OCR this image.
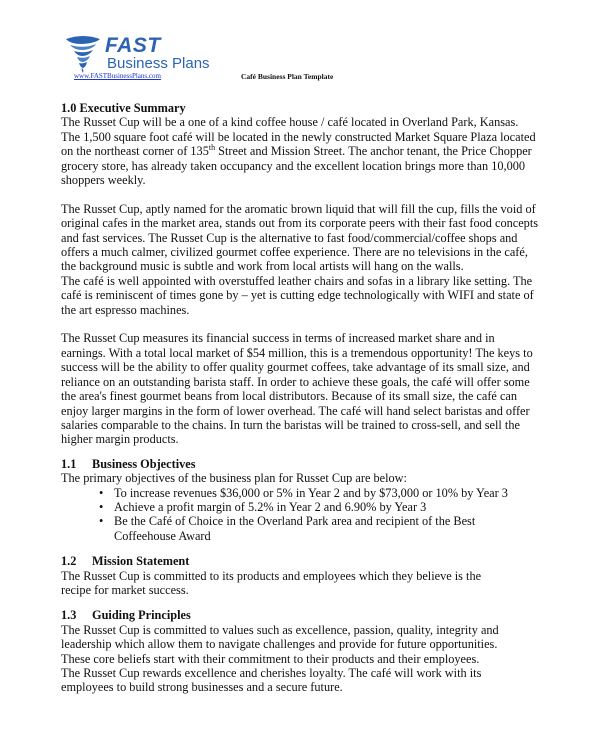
FAST
Business Plans
www.FASTBusinessPlans.com	Café Business Plan Template

1.0 Executive Summary

The Russet Cup will be a one of a kind coffee house / café located in Overland Park, Kansas.

The 1,500 square foot café will be located in the newly constructed Market Square Plaza located

on the northeast corner of 135th Street and Mission Street. The anchor tenant, the Price Chopper

grocery store, has already taken occupancy and the excellent location brings more than 10,000

shoppers weekly.

The Russet Cup, aptly named for the aromatic brown liquid that will fill the cup, fills the void of

original cafes in the market area, stands out from its corporate peers with their fast food concepts

and fast services. The Russet Cup is the alternative to fast food/commercial/coffee shops and

offers a much calmer, civilized gourmet coffee experience. There are no televisions in the café,

the background music is subtle and work from local artists will hang on the walls.

The café is well appointed with overstuffed leather chairs and sofas in a library like setting. The

café is reminiscent of times gone by – yet is cutting edge technologically with WIFI and state of

the art espresso machines.

The Russet Cup measures its financial success in terms of increased market share and in

earnings. With a total local market of $54 million, this is a tremendous opportunity! The keys to

success will be the ability to offer quality gourmet coffees, take advantage of its small size, and

reliance on an outstanding barista staff. In order to achieve these goals, the café will offer some

the area's finest gourmet beans from local distributors. Because of its small size, the café can

enjoy larger margins in the form of lower overhead. The café will hand select baristas and offer

salaries comparable to the chains. In turn the baristas will be trained to cross-sell, and sell the

higher margin products.

1.1	Business Objectives

The primary objectives of the business plan for Russet Cup are below:

• To increase revenues $36,000 or 5% in Year 2 and by $73,000 or 10% by Year 3
• Achieve a profit margin of 5.2% in Year 2 and 6.90% by Year 3
• Be the Café of Choice in the Overland Park area and recipient of the Best
Coffeehouse Award
1.2	Mission Statement

The Russet Cup is committed to its products and employees which they believe is the

recipe for market success.

1.3	Guiding Principles

The Russet Cup is committed to values such as excellence, passion, quality, integrity and

leadership which allow them to navigate challenges and provide for future opportunities.

These core beliefs start with their commitment to their products and their employees.

The Russet Cup rewards excellence and cherishes loyalty. The café will work with its

employees to build strong businesses and a secure future.
